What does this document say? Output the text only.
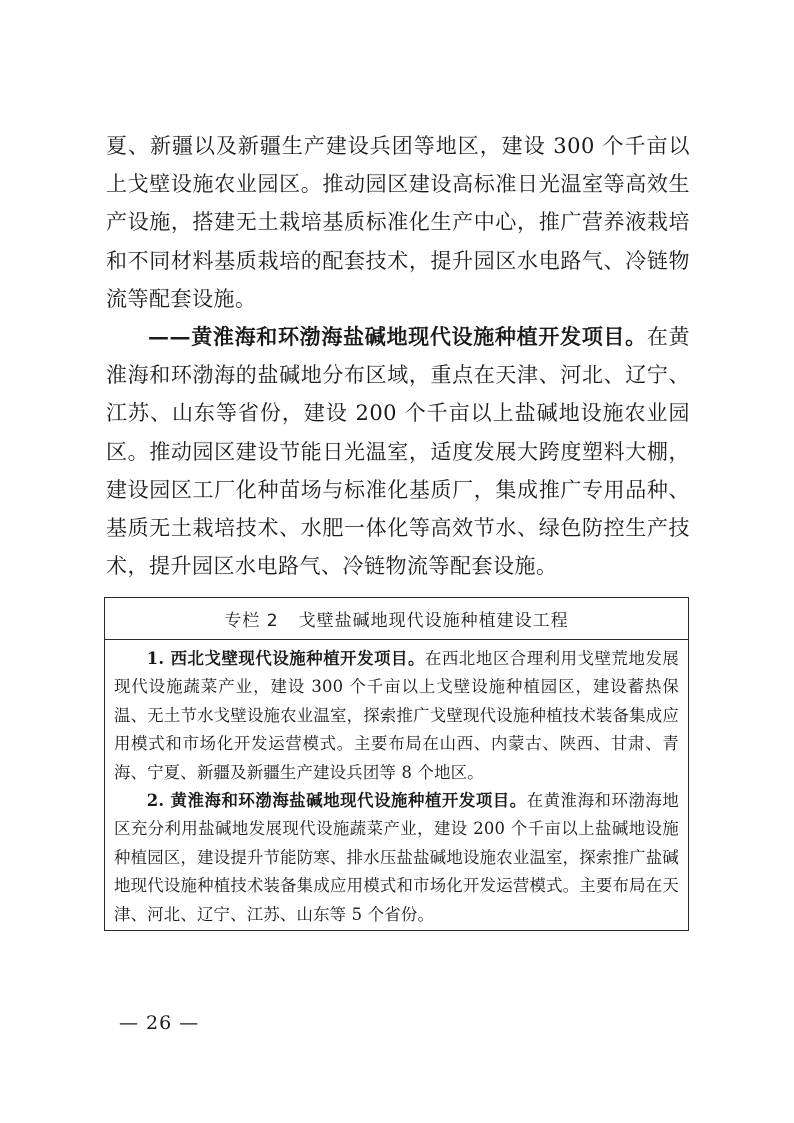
夏、新疆以及新疆生产建设兵团等地区，建设 300 个千亩以上戈壁设施农业园区。推动园区建设高标准日光温室等高效生产设施，搭建无土栽培基质标准化生产中心，推广营养液栽培和不同材料基质栽培的配套技术，提升园区水电路气、冷链物流等配套设施。

——黄淮海和环渤海盐碱地现代设施种植开发项目。在黄淮海和环渤海的盐碱地分布区域，重点在天津、河北、辽宁、江苏、山东等省份，建设 200 个千亩以上盐碱地设施农业园区。推动园区建设节能日光温室，适度发展大跨度塑料大棚，建设园区工厂化种苗场与标准化基质厂，集成推广专用品种、基质无土栽培技术、水肥一体化等高效节水、绿色防控生产技术，提升园区水电路气、冷链物流等配套设施。

专栏 2 戈壁盐碱地现代设施种植建设工程

1. 西北戈壁现代设施种植开发项目。在西北地区合理利用戈壁荒地发展现代设施蔬菜产业，建设 300 个千亩以上戈壁设施种植园区，建设蓄热保温、无土节水戈壁设施农业温室，探索推广戈壁现代设施种植技术装备集成应用模式和市场化开发运营模式。主要布局在山西、内蒙古、陕西、甘肃、青海、宁夏、新疆及新疆生产建设兵团等 8 个地区。

2. 黄淮海和环渤海盐碱地现代设施种植开发项目。在黄淮海和环渤海地区充分利用盐碱地发展现代设施蔬菜产业，建设 200 个千亩以上盐碱地设施种植园区，建设提升节能防寒、排水压盐盐碱地设施农业温室，探索推广盐碱地现代设施种植技术装备集成应用模式和市场化开发运营模式。主要布局在天津、河北、辽宁、江苏、山东等 5 个省份。

— 26 —
